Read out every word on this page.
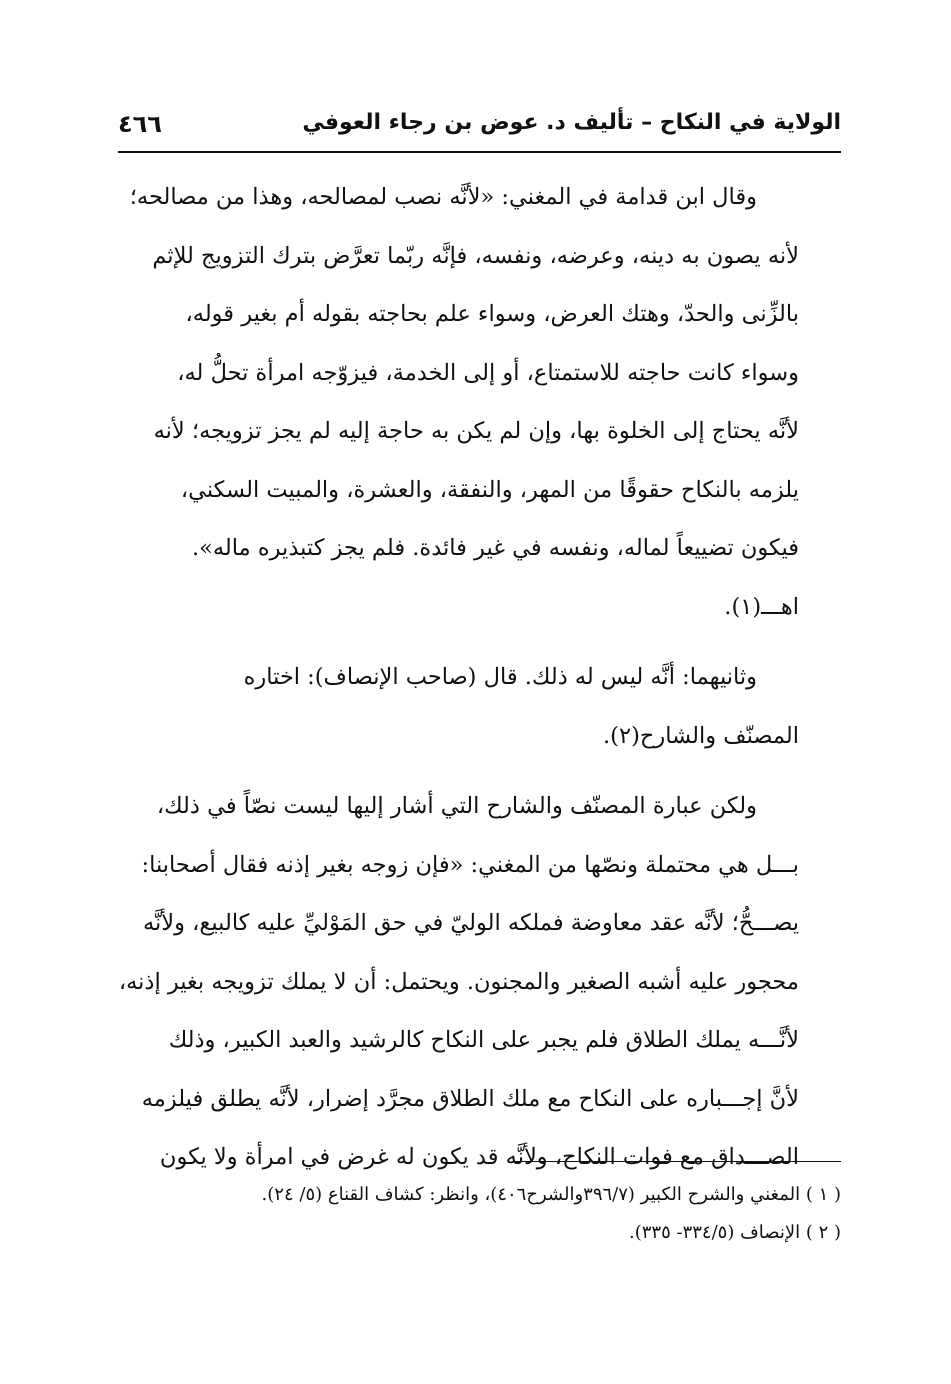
الولاية في النكاح – تأليف د. عوض بن رجاء العوفي
٤٦٦
وقال ابن قدامة في المغني: «لأنَّه نصب لمصالحه، وهذا من مصالحه؛
لأنه يصون به دينه، وعرضه، ونفسه، فإنَّه ربّما تعرَّض بترك التزويج للإثم
بالزِّنى والحدّ، وهتك العرض، وسواء علم بحاجته بقوله أم بغير قوله،
وسواء كانت حاجته للاستمتاع، أو إلى الخدمة، فيزوّجه امرأة تحلُّ له،
لأنَّه يحتاج إلى الخلوة بها، وإن لم يكن به حاجة إليه لم يجز تزويجه؛ لأنه
يلزمه بالنكاح حقوقًا من المهر، والنفقة، والعشرة، والمبيت السكني،
فيكون تضييعاً لماله، ونفسه في غير فائدة. فلم يجز كتبذيره ماله».
اهـــ(١).
وثانيهما: أنَّه ليس له ذلك. قال (صاحب الإنصاف): اختاره
المصنّف والشارح(٢).
ولكن عبارة المصنّف والشارح التي أشار إليها ليست نصّاً في ذلك،
بـــل هي محتملة ونصّها من المغني: «فإن زوجه بغير إذنه فقال أصحابنا:
يصـــحُّ؛ لأنَّه عقد معاوضة فملكه الوليّ في حق المَوْليِّ عليه كالبيع، ولأنَّه
محجور عليه أشبه الصغير والمجنون. ويحتمل: أن لا يملك تزويجه بغير إذنه،
لأنَّـــه يملك الطلاق فلم يجبر على النكاح كالرشيد والعبد الكبير، وذلك
لأنَّ إجـــباره على النكاح مع ملك الطلاق مجرَّد إضرار، لأنَّه يطلق فيلزمه
الصـــداق مع فوات النكاح، ولأنَّه قد يكون له غرض في امرأة ولا يكون
( ١ ) المغني والشرح الكبير (٣٩٦/٧والشرح٤٠٦)، وانظر: كشاف القناع (٥/ ٢٤).
( ٢ ) الإنصاف (٣٣٤/٥- ٣٣٥).
